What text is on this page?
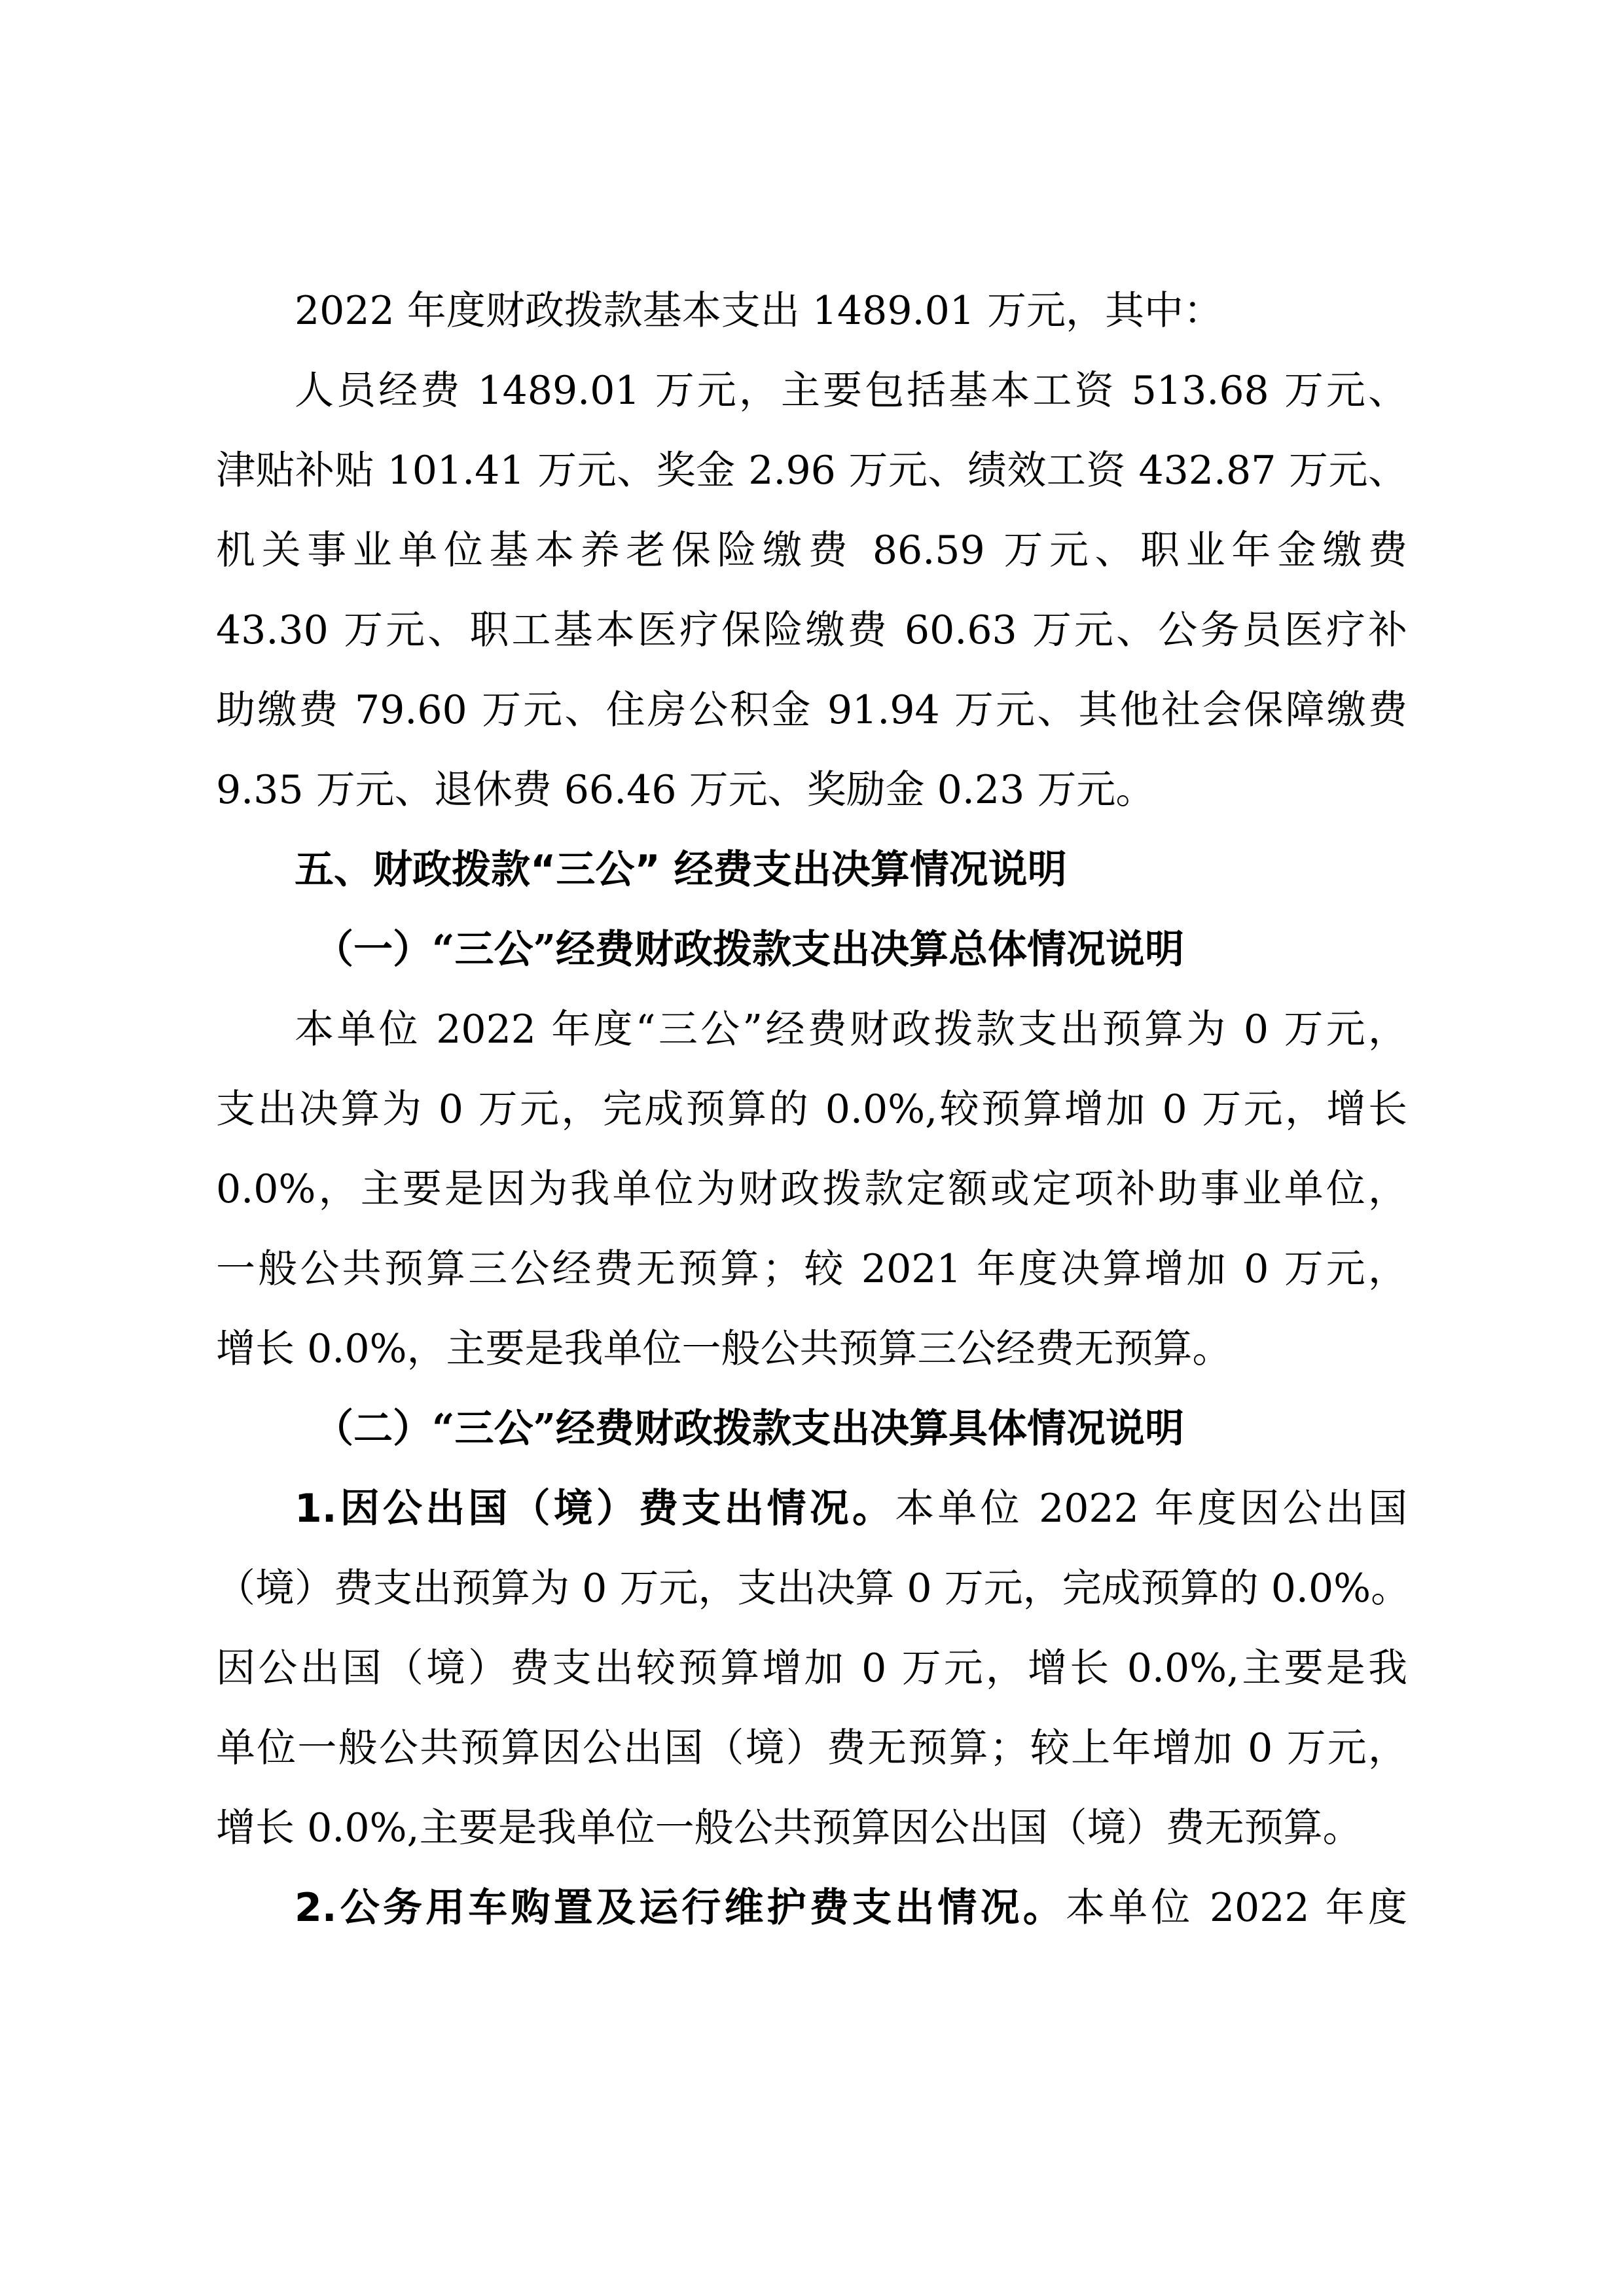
2022 年度财政拨款基本支出 1489.01 万元，其中：
人员经费 1489.01 万元，主要包括基本工资 513.68 万元、
津贴补贴 101.41 万元、奖金 2.96 万元、绩效工资 432.87 万元、
机关事业单位基本养老保险缴费 86.59 万元、职业年金缴费
43.30 万元、职工基本医疗保险缴费 60.63 万元、公务员医疗补
助缴费 79.60 万元、住房公积金 91.94 万元、其他社会保障缴费
9.35 万元、退休费 66.46 万元、奖励金 0.23 万元。
五、财政拨款“三公” 经费支出决算情况说明
（一）“三公”经费财政拨款支出决算总体情况说明
本单位 2022 年度“三公”经费财政拨款支出预算为 0 万元，
支出决算为 0 万元，完成预算的 0.0%,较预算增加 0 万元，增长
0.0%，主要是因为我单位为财政拨款定额或定项补助事业单位，
一般公共预算三公经费无预算；较 2021 年度决算增加 0 万元，
增长 0.0%，主要是我单位一般公共预算三公经费无预算。
（二）“三公”经费财政拨款支出决算具体情况说明
1.因公出国（境）费支出情况。本单位 2022 年度因公出国
（境）费支出预算为 0 万元，支出决算 0 万元，完成预算的 0.0%。
因公出国（境）费支出较预算增加 0 万元，增长 0.0%,主要是我
单位一般公共预算因公出国（境）费无预算；较上年增加 0 万元，
增长 0.0%,主要是我单位一般公共预算因公出国（境）费无预算。
2.公务用车购置及运行维护费支出情况。本单位 2022 年度
